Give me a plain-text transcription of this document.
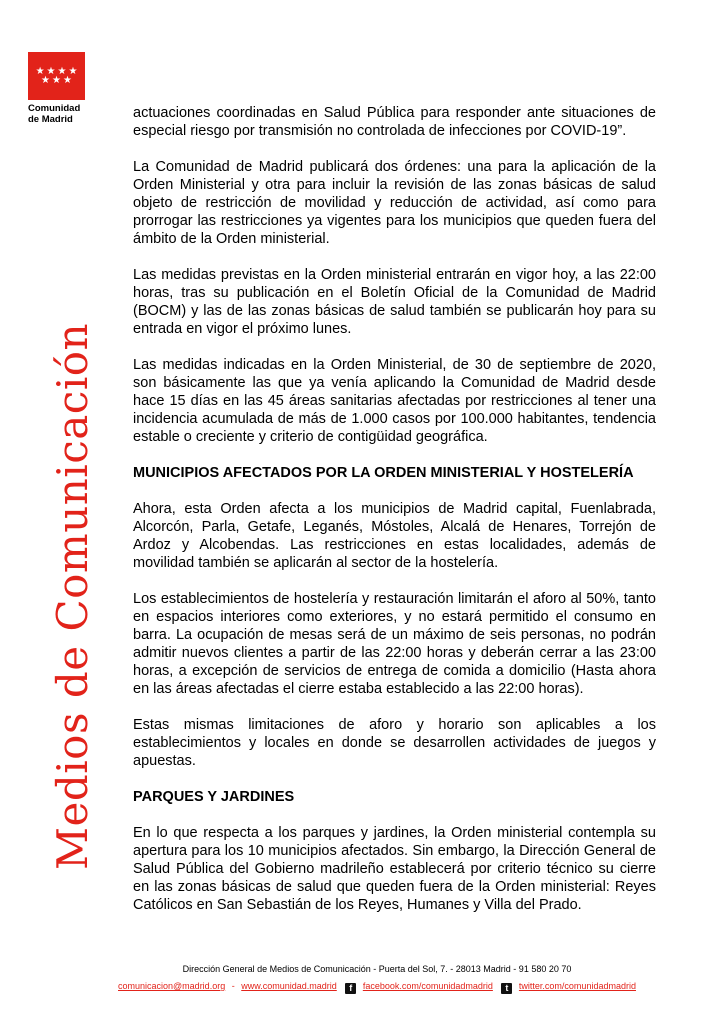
★ ★ ★ ★
★ ★ ★
Comunidad
de Madrid
Medios de Comunicación

actuaciones coordinadas en Salud Pública para responder ante situaciones de especial riesgo por transmisión no controlada de infecciones por COVID-19”.

La Comunidad de Madrid publicará dos órdenes: una para la aplicación de la Orden Ministerial y otra para incluir la revisión de las zonas básicas de salud objeto de restricción de movilidad y reducción de actividad, así como para prorrogar las restricciones ya vigentes para los municipios que queden fuera del ámbito de la Orden ministerial.

Las medidas previstas en la Orden ministerial entrarán en vigor hoy, a las 22:00 horas, tras su publicación en el Boletín Oficial de la Comunidad de Madrid (BOCM) y las de las zonas básicas de salud también se publicarán hoy para su entrada en vigor el próximo lunes.

Las medidas indicadas en la Orden Ministerial, de 30 de septiembre de 2020, son básicamente las que ya venía aplicando la Comunidad de Madrid desde hace 15 días en las 45 áreas sanitarias afectadas por restricciones al tener una incidencia acumulada de más de 1.000 casos por 100.000 habitantes, tendencia estable o creciente y criterio de contigüidad geográfica.

MUNICIPIOS AFECTADOS POR LA ORDEN MINISTERIAL Y HOSTELERÍA

Ahora, esta Orden afecta a los municipios de Madrid capital, Fuenlabrada, Alcorcón, Parla, Getafe, Leganés, Móstoles, Alcalá de Henares, Torrejón de Ardoz y Alcobendas. Las restricciones en estas localidades, además de movilidad también se aplicarán al sector de la hostelería.

Los establecimientos de hostelería y restauración limitarán el aforo al 50%, tanto en espacios interiores como exteriores, y no estará permitido el consumo en barra. La ocupación de mesas será de un máximo de seis personas, no podrán admitir nuevos clientes a partir de las 22:00 horas y deberán cerrar a las 23:00 horas, a excepción de servicios de entrega de comida a domicilio (Hasta ahora en las áreas afectadas el cierre estaba establecido a las 22:00 horas).

Estas mismas limitaciones de aforo y horario son aplicables a los establecimientos y locales en donde se desarrollen actividades de juegos y apuestas.

PARQUES Y JARDINES

En lo que respecta a los parques y jardines, la Orden ministerial contempla su apertura para los 10 municipios afectados. Sin embargo, la Dirección General de Salud Pública del Gobierno madrileño establecerá por criterio técnico su cierre en las zonas básicas de salud que queden fuera de la Orden ministerial: Reyes Católicos en San Sebastián de los Reyes, Humanes y Villa del Prado.

Dirección General de Medios de Comunicación - Puerta del Sol, 7. - 28013 Madrid - 91 580 20 70
comunicacion@madrid.org - www.comunidad.madrid f facebook.com/comunidadmadrid t twitter.com/comunidadmadrid
